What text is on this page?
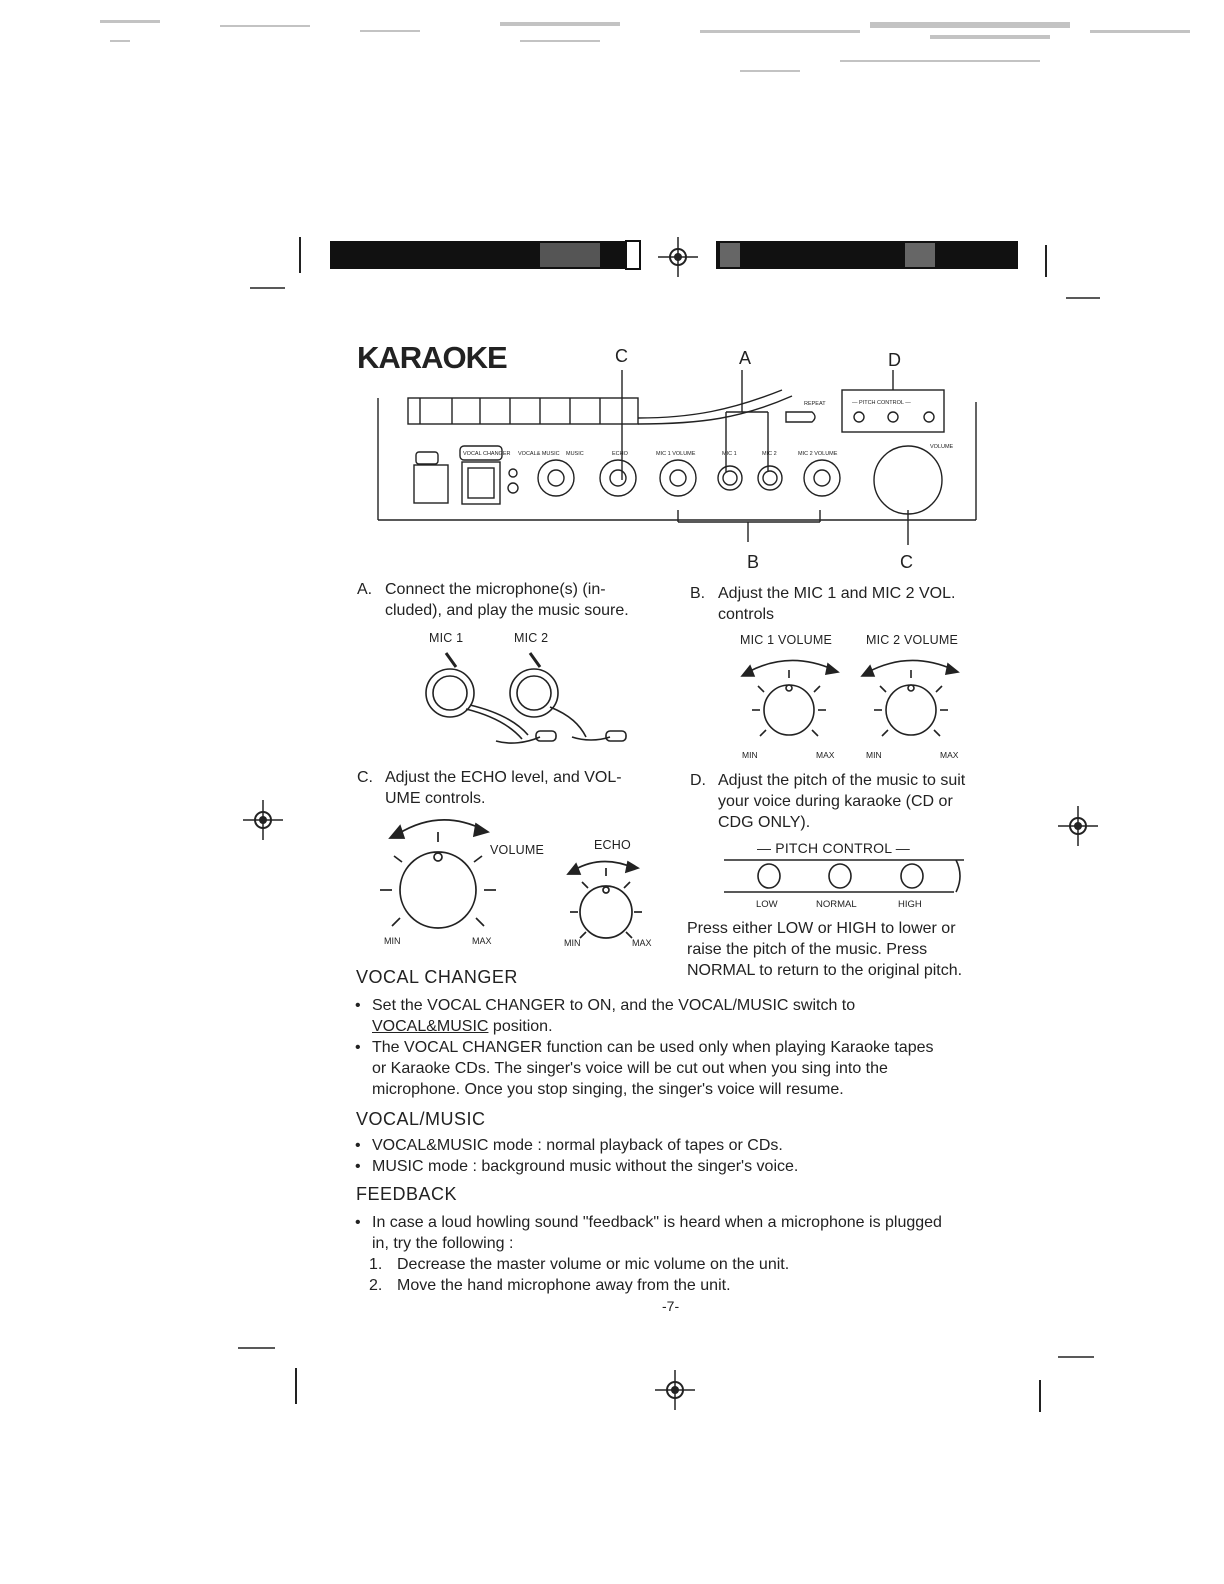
KARAOKE	C	A	D
B	C
REPEAT	— PITCH CONTROL —
VOCAL CHANGER VOCAL& MUSIC MUSIC	ECHO	MIC 1 VOLUME	MIC 1	MIC 2	MIC 2 VOLUME
VOLUME
A. Connect the microphone(s) (in-
cluded), and play the music soure.
MIC 1	MIC 2
B. Adjust the MIC 1 and MIC 2 VOL.
controls
MIC 1 VOLUME	MIC 2 VOLUME
MIN	MAX	MIN	MAX
C. Adjust the ECHO level, and VOL-
UME controls.
VOLUME	ECHO
MIN	MAX	MIN	MAX
D. Adjust the pitch of the music to suit
your voice during karaoke (CD or
CDG ONLY).
— PITCH CONTROL —
LOW	NORMAL	HIGH
Press either LOW or HIGH to lower or
raise the pitch of the music. Press
NORMAL to return to the original pitch.
VOCAL CHANGER
• Set the VOCAL CHANGER to ON, and the VOCAL/MUSIC switch to
VOCAL&MUSIC position.
• The VOCAL CHANGER function can be used only when playing Karaoke tapes
or Karaoke CDs. The singer's voice will be cut out when you sing into the
microphone. Once you stop singing, the singer's voice will resume.
VOCAL/MUSIC
• VOCAL&MUSIC mode : normal playback of tapes or CDs.
• MUSIC mode : background music without the singer's voice.
FEEDBACK
• In case a loud howling sound "feedback" is heard when a microphone is plugged
in, try the following :
1. Decrease the master volume or mic volume on the unit.
2. Move the hand microphone away from the unit.
-7-
